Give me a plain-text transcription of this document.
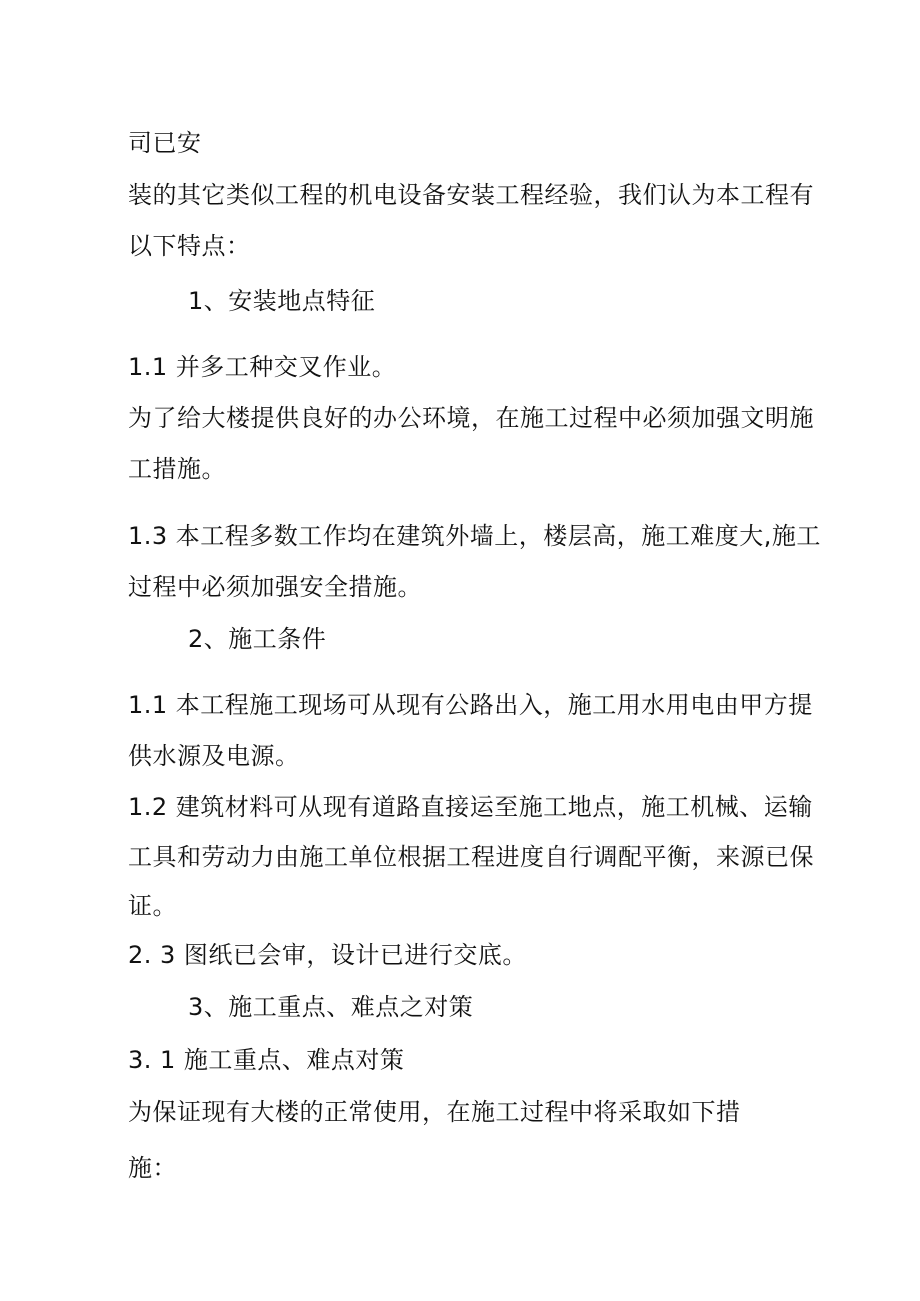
司已安
装的其它类似工程的机电设备安装工程经验，我们认为本工程有
以下特点：
1、安装地点特征
1.1 并多工种交叉作业。
为了给大楼提供良好的办公环境，在施工过程中必须加强文明施
工措施。
1.3 本工程多数工作均在建筑外墙上，楼层高，施工难度大,施工
过程中必须加强安全措施。
2、施工条件
1.1 本工程施工现场可从现有公路出入，施工用水用电由甲方提
供水源及电源。
1.2 建筑材料可从现有道路直接运至施工地点，施工机械、运输
工具和劳动力由施工单位根据工程进度自行调配平衡，来源已保
证。
2. 3 图纸已会审，设计已进行交底。
3、施工重点、难点之对策
3. 1 施工重点、难点对策
为保证现有大楼的正常使用，在施工过程中将采取如下措
施：
